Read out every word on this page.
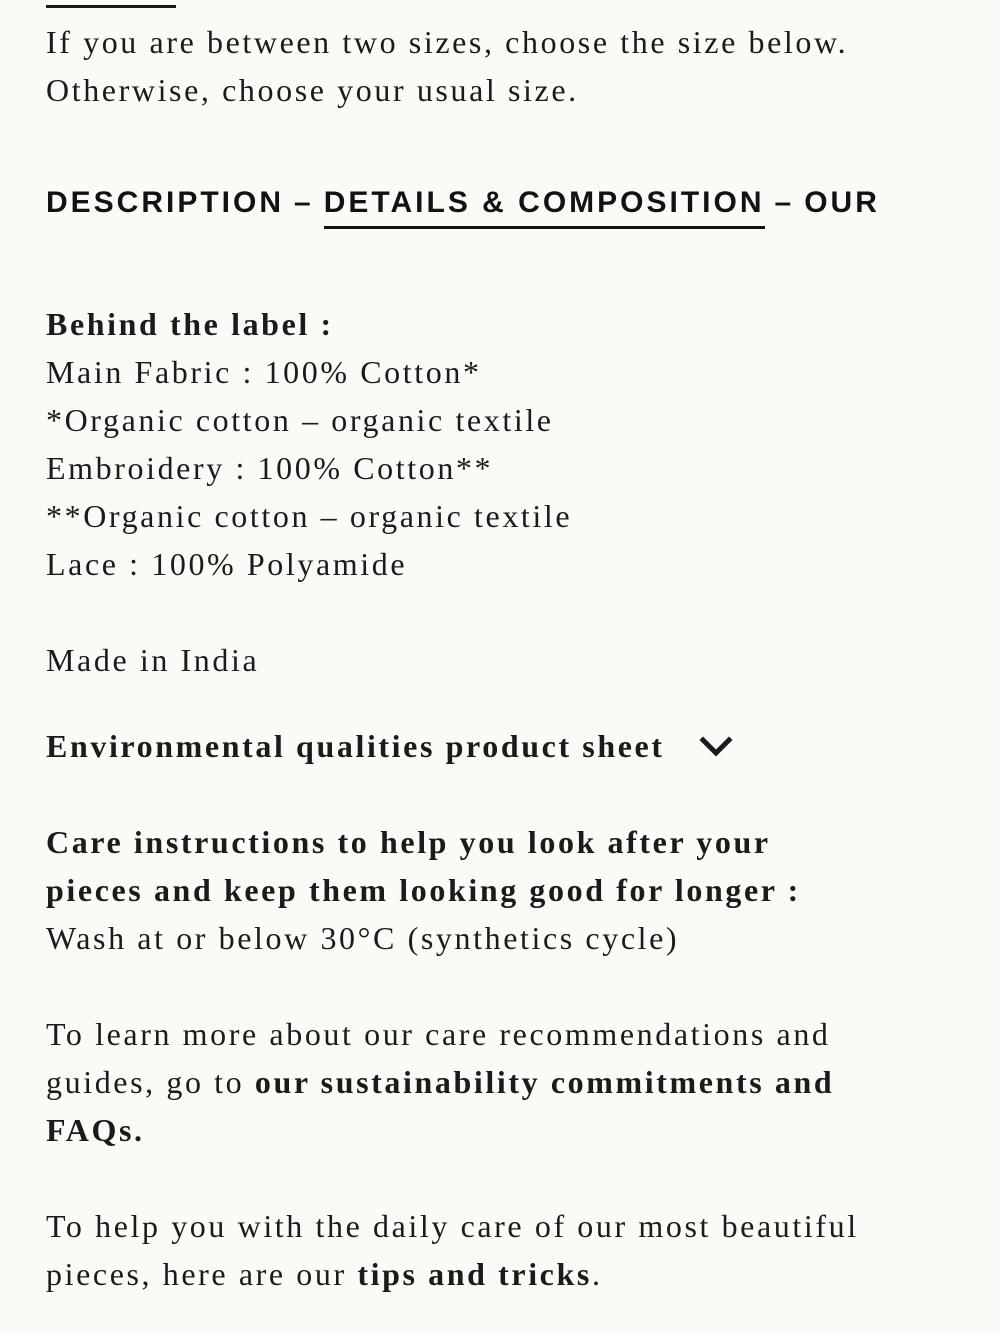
If you are between two sizes, choose the size below.

Otherwise, choose your usual size.

DESCRIPTION – DETAILS & COMPOSITION – OUR

Behind the label :

Main Fabric : 100% Cotton*

*Organic cotton – organic textile

Embroidery : 100% Cotton**

**Organic cotton – organic textile

Lace : 100% Polyamide

Made in India

Environmental qualities product sheet

Care instructions to help you look after your

pieces and keep them looking good for longer :

Wash at or below 30°C (synthetics cycle)

To learn more about our care recommendations and

guides, go to our sustainability commitments and

FAQs.

To help you with the daily care of our most beautiful

pieces, here are our tips and tricks.
